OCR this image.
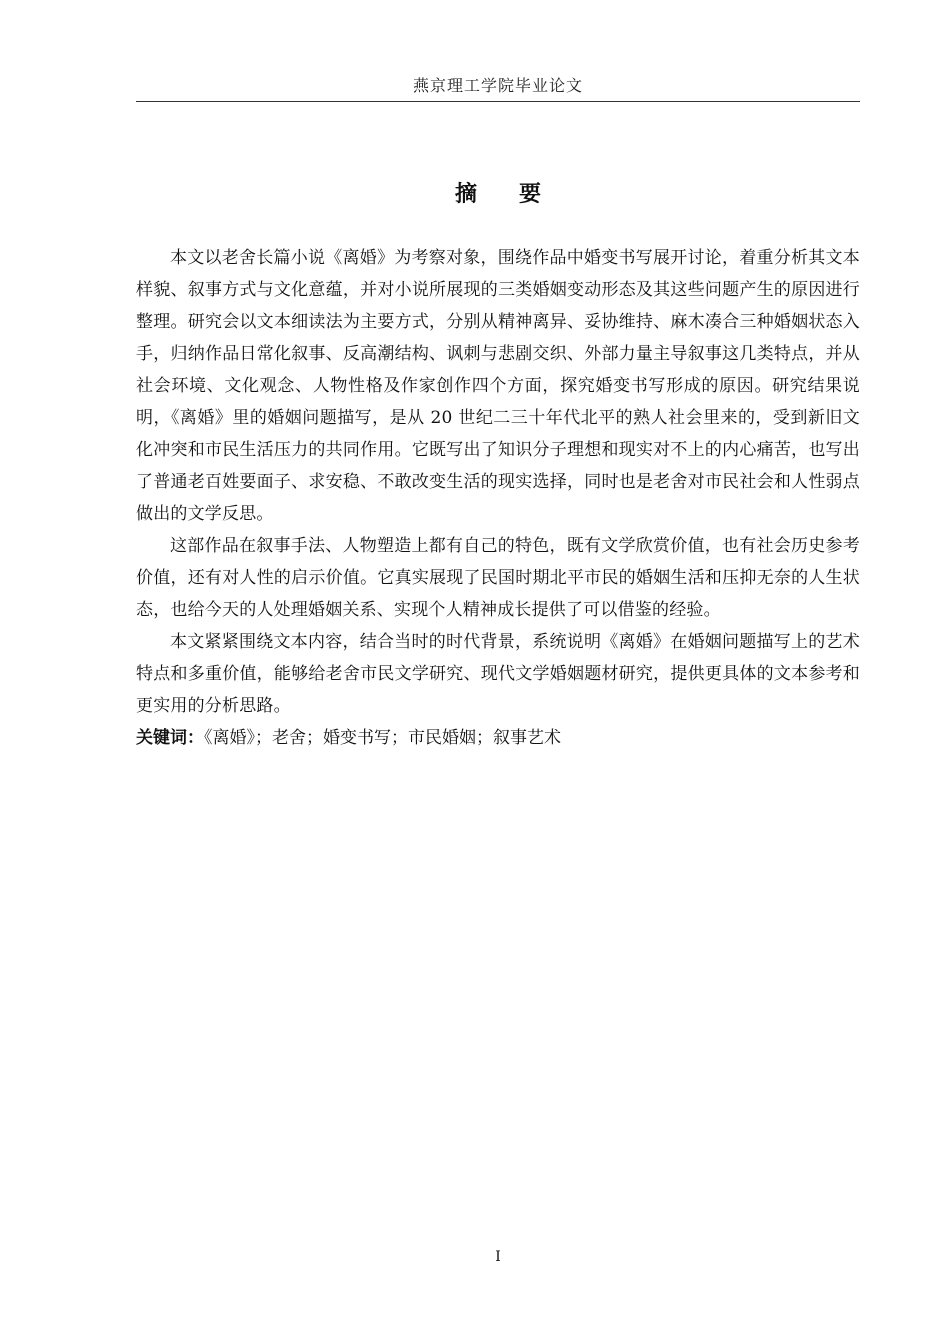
燕京理工学院毕业论文
摘 要

本文以老舍长篇小说《离婚》为考察对象，围绕作品中婚变书写展开讨论，着重分析其文本样貌、叙事方式与文化意蕴，并对小说所展现的三类婚姻变动形态及其这些问题产生的原因进行整理。研究会以文本细读法为主要方式，分别从精神离异、妥协维持、麻木凑合三种婚姻状态入手，归纳作品日常化叙事、反高潮结构、讽刺与悲剧交织、外部力量主导叙事这几类特点，并从社会环境、文化观念、人物性格及作家创作四个方面，探究婚变书写形成的原因。研究结果说明，《离婚》里的婚姻问题描写，是从 20 世纪二三十年代北平的熟人社会里来的，受到新旧文化冲突和市民生活压力的共同作用。它既写出了知识分子理想和现实对不上的内心痛苦，也写出了普通老百姓要面子、求安稳、不敢改变生活的现实选择，同时也是老舍对市民社会和人性弱点做出的文学反思。

这部作品在叙事手法、人物塑造上都有自己的特色，既有文学欣赏价值，也有社会历史参考价值，还有对人性的启示价值。它真实展现了民国时期北平市民的婚姻生活和压抑无奈的人生状态，也给今天的人处理婚姻关系、实现个人精神成长提供了可以借鉴的经验。

本文紧紧围绕文本内容，结合当时的时代背景，系统说明《离婚》在婚姻问题描写上的艺术特点和多重价值，能够给老舍市民文学研究、现代文学婚姻题材研究，提供更具体的文本参考和更实用的分析思路。

关键词：《离婚》；老舍；婚变书写；市民婚姻；叙事艺术

I
